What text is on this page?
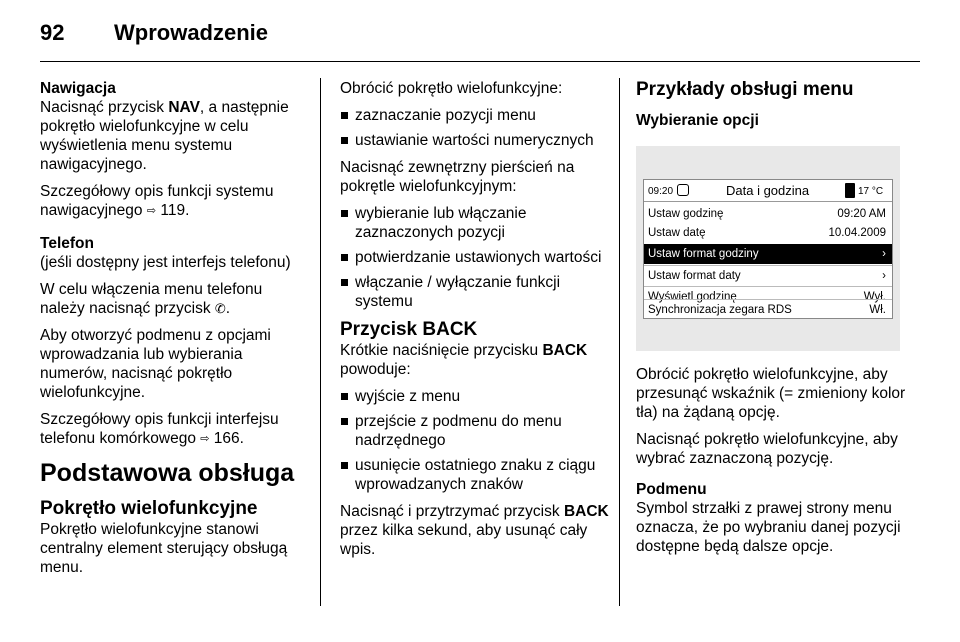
92 Wprowadzenie
Nawigacja
Nacisnąć przycisk NAV, a następnie pokrętło wielofunkcyjne w celu wyświetlenia menu systemu nawigacyjnego.
Szczegółowy opis funkcji systemu nawigacyjnego ⇨ 119.
Telefon
(jeśli dostępny jest interfejs telefonu)
W celu włączenia menu telefonu należy nacisnąć przycisk ✆.
Aby otworzyć podmenu z opcjami wprowadzania lub wybierania numerów, nacisnąć pokrętło wielofunkcyjne.
Szczegółowy opis funkcji interfejsu telefonu komórkowego ⇨ 166.
Podstawowa obsługa
Pokrętło wielofunkcyjne
Pokrętło wielofunkcyjne stanowi centralny element sterujący obsługą menu.
Obrócić pokrętło wielofunkcyjne:
zaznaczanie pozycji menu
ustawianie wartości numerycznych
Nacisnąć zewnętrzny pierścień na pokrętle wielofunkcyjnym:
wybieranie lub włączanie zaznaczonych pozycji
potwierdzanie ustawionych wartości
włączanie / wyłączanie funkcji systemu
Przycisk BACK
Krótkie naciśnięcie przycisku BACK powoduje:
wyjście z menu
przejście z podmenu do menu nadrzędnego
usunięcie ostatniego znaku z ciągu wprowadzanych znaków
Nacisnąć i przytrzymać przycisk BACK przez kilka sekund, aby usunąć cały wpis.
Przykłady obsługi menu
Wybieranie opcji
09:20	Data i godzina	17 °C
Ustaw godzinę	09:20 AM
Ustaw datę	10.04.2009
Ustaw format godziny	›
Ustaw format daty	›
Wyświetl godzinę	Wył.
Synchronizacja zegara RDS	Wł.
Obrócić pokrętło wielofunkcyjne, aby przesunąć wskaźnik (= zmieniony kolor tła) na żądaną opcję.
Nacisnąć pokrętło wielofunkcyjne, aby wybrać zaznaczoną pozycję.
Podmenu
Symbol strzałki z prawej strony menu oznacza, że po wybraniu danej pozycji dostępne będą dalsze opcje.
